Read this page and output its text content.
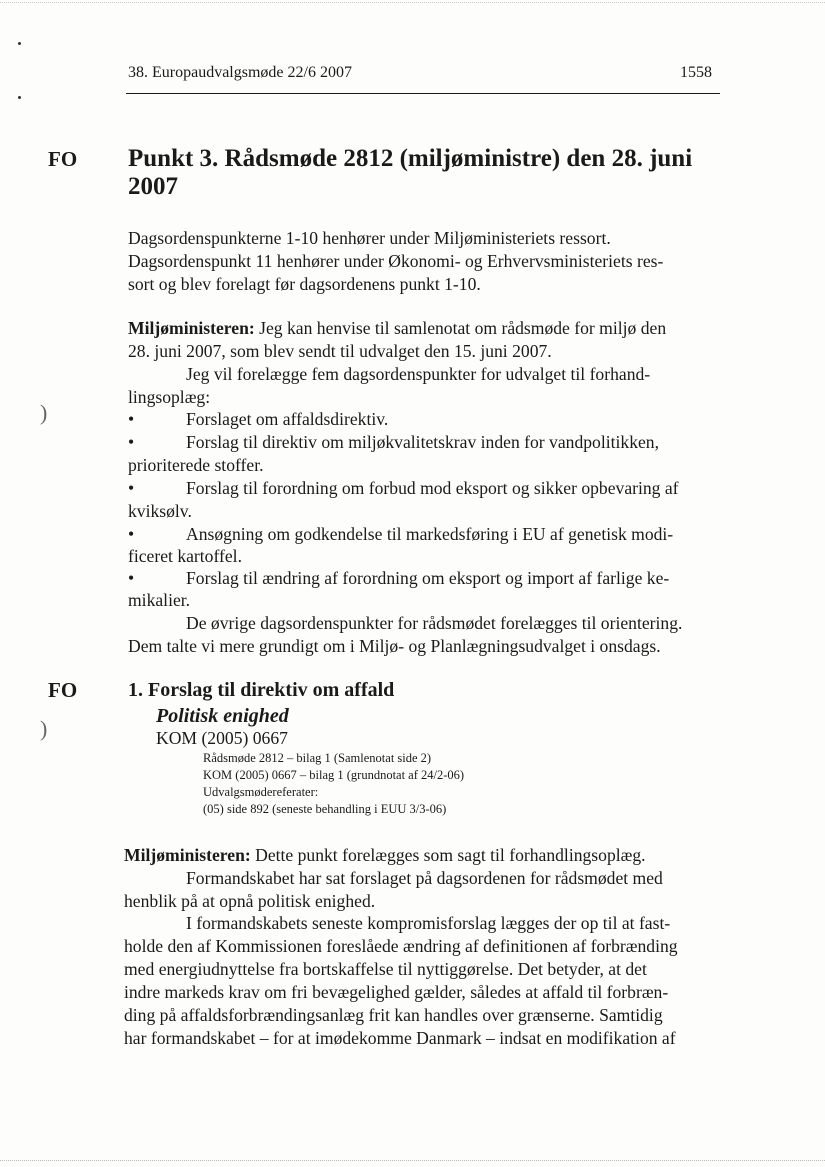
38. Europaudvalgsmøde 22/6 2007	1558
FO
)
FO
)
Punkt 3. Rådsmøde 2812 (miljøministre) den 28. juni
2007
Dagsordenspunkterne 1-10 henhører under Miljøministeriets ressort.
Dagsordenspunkt 11 henhører under Økonomi- og Erhvervsministeriets res-
sort og blev forelagt før dagsordenens punkt 1-10.
Miljøministeren: Jeg kan henvise til samlenotat om rådsmøde for miljø den
28. juni 2007, som blev sendt til udvalget den 15. juni 2007.
Jeg vil forelægge fem dagsordenspunkter for udvalget til forhand-
lingsoplæg:
•	Forslaget om affaldsdirektiv.
•	Forslag til direktiv om miljøkvalitetskrav inden for vandpolitikken,
prioriterede stoffer.
•	Forslag til forordning om forbud mod eksport og sikker opbevaring af
kviksølv.
•	Ansøgning om godkendelse til markedsføring i EU af genetisk modi-
ficeret kartoffel.
•	Forslag til ændring af forordning om eksport og import af farlige ke-
mikalier.
De øvrige dagsordenspunkter for rådsmødet forelægges til orientering.
Dem talte vi mere grundigt om i Miljø- og Planlægningsudvalget i onsdags.
1. Forslag til direktiv om affald
Politisk enighed
KOM (2005) 0667
Rådsmøde 2812 – bilag 1 (Samlenotat side 2)
KOM (2005) 0667 – bilag 1 (grundnotat af 24/2-06)
Udvalgsmødereferater:
(05) side 892 (seneste behandling i EUU 3/3-06)
Miljøministeren: Dette punkt forelægges som sagt til forhandlingsoplæg.
Formandskabet har sat forslaget på dagsordenen for rådsmødet med
henblik på at opnå politisk enighed.
I formandskabets seneste kompromisforslag lægges der op til at fast-
holde den af Kommissionen foreslåede ændring af definitionen af forbrænding
med energiudnyttelse fra bortskaffelse til nyttiggørelse. Det betyder, at det
indre markeds krav om fri bevægelighed gælder, således at affald til forbræn-
ding på affaldsforbrændingsanlæg frit kan handles over grænserne. Samtidig
har formandskabet – for at imødekomme Danmark – indsat en modifikation af
